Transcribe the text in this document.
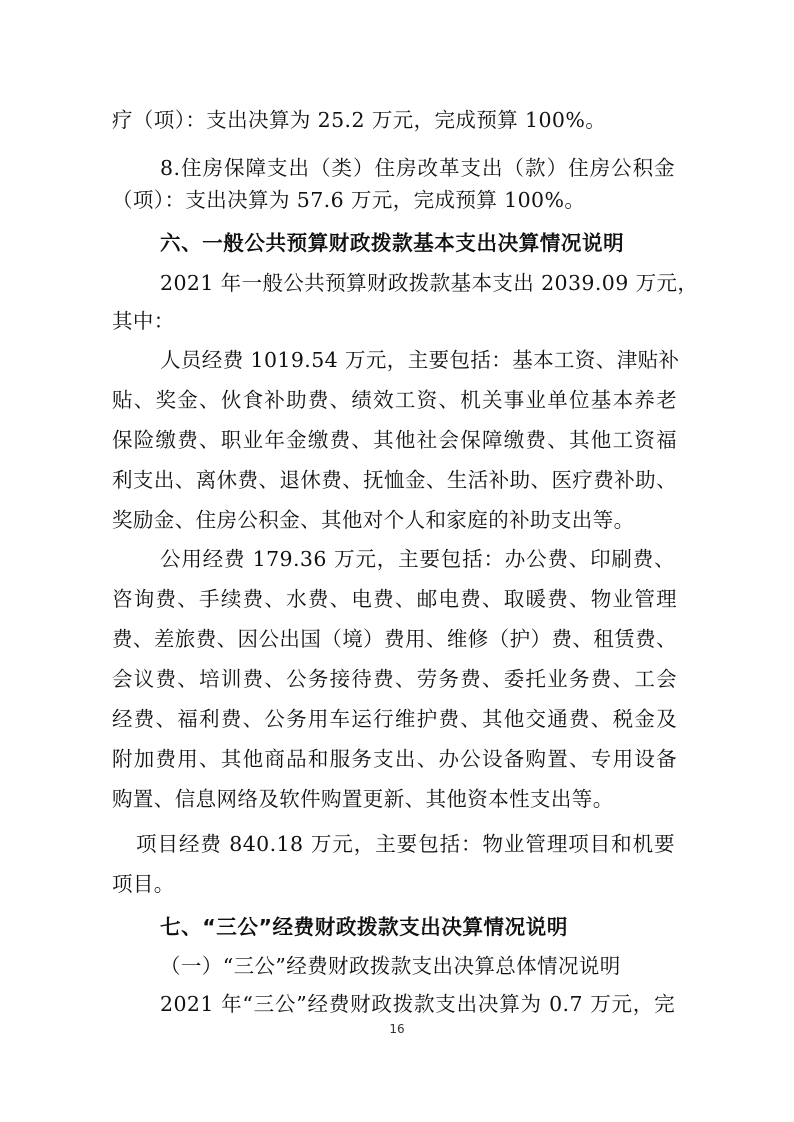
疗（项）：支出决算为 25.2 万元，完成预算 100%。
8.住房保障支出（类）住房改革支出（款）住房公积金
（项）：支出决算为 57.6 万元，完成预算 100%。
六、一般公共预算财政拨款基本支出决算情况说明
2021 年一般公共预算财政拨款基本支出 2039.09 万元，
其中：
人员经费 1019.54 万元，主要包括：基本工资、津贴补
贴、奖金、伙食补助费、绩效工资、机关事业单位基本养老
保险缴费、职业年金缴费、其他社会保障缴费、其他工资福
利支出、离休费、退休费、抚恤金、生活补助、医疗费补助、
奖励金、住房公积金、其他对个人和家庭的补助支出等。
公用经费 179.36 万元，主要包括：办公费、印刷费、
咨询费、手续费、水费、电费、邮电费、取暖费、物业管理
费、差旅费、因公出国（境）费用、维修（护）费、租赁费、
会议费、培训费、公务接待费、劳务费、委托业务费、工会
经费、福利费、公务用车运行维护费、其他交通费、税金及
附加费用、其他商品和服务支出、办公设备购置、专用设备
购置、信息网络及软件购置更新、其他资本性支出等。
项目经费 840.18 万元，主要包括：物业管理项目和机要
项目。
七、“三公”经费财政拨款支出决算情况说明
（一）“三公”经费财政拨款支出决算总体情况说明
2021 年“三公”经费财政拨款支出决算为 0.7 万元，完
16
